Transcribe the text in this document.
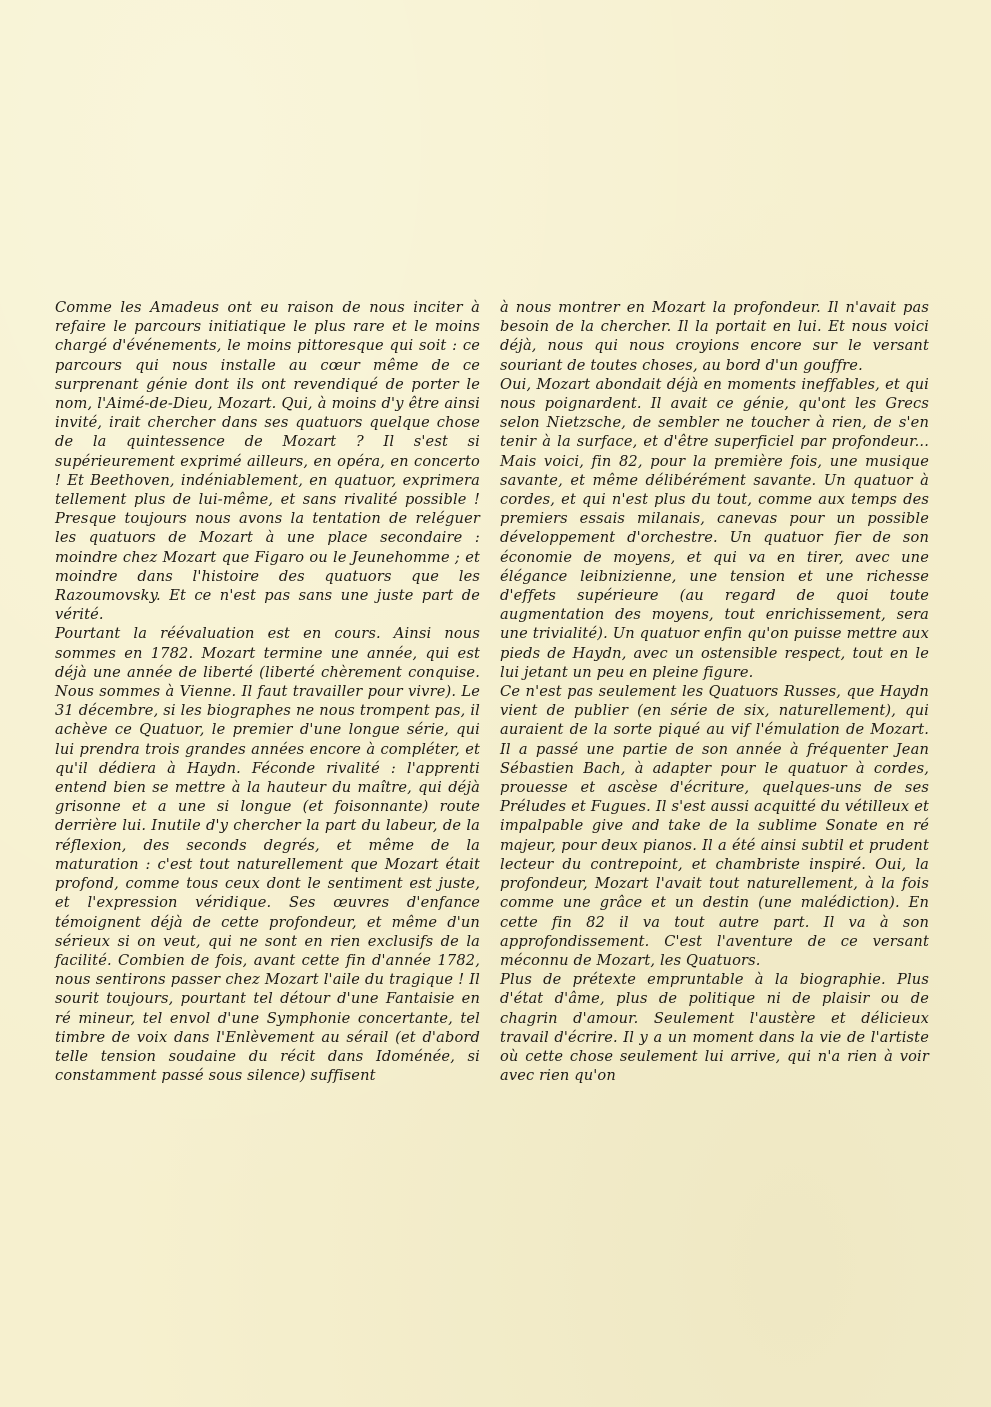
Comme les Amadeus ont eu raison de nous inciter à refaire le parcours initiatique le plus rare et le moins chargé d'événements, le moins pittoresque qui soit : ce parcours qui nous installe au cœur même de ce surprenant génie dont ils ont revendiqué de porter le nom, l'Aimé-de-Dieu, Mozart. Qui, à moins d'y être ainsi invité, irait chercher dans ses quatuors quelque chose de la quintessence de Mozart ? Il s'est si supérieurement exprimé ailleurs, en opéra, en concerto ! Et Beethoven, indéniablement, en quatuor, exprimera tellement plus de lui-même, et sans rivalité possible ! Presque toujours nous avons la tentation de reléguer les quatuors de Mozart à une place secondaire : moindre chez Mozart que Figaro ou le Jeunehomme ; et moindre dans l'histoire des quatuors que les Razoumovsky. Et ce n'est pas sans une juste part de vérité.

Pourtant la réévaluation est en cours. Ainsi nous sommes en 1782. Mozart termine une année, qui est déjà une année de liberté (liberté chèrement conquise. Nous sommes à Vienne. Il faut travailler pour vivre). Le 31 décembre, si les biographes ne nous trompent pas, il achève ce Quatuor, le premier d'une longue série, qui lui prendra trois grandes années encore à compléter, et qu'il dédiera à Haydn. Féconde rivalité : l'apprenti entend bien se mettre à la hauteur du maître, qui déjà grisonne et a une si longue (et foisonnante) route derrière lui. Inutile d'y chercher la part du labeur, de la réflexion, des seconds degrés, et même de la maturation : c'est tout naturellement que Mozart était profond, comme tous ceux dont le sentiment est juste, et l'expression véridique. Ses œuvres d'enfance témoignent déjà de cette profondeur, et même d'un sérieux si on veut, qui ne sont en rien exclusifs de la facilité. Combien de fois, avant cette fin d'année 1782, nous sentirons passer chez Mozart l'aile du tragique ! Il sourit toujours, pourtant tel détour d'une Fantaisie en ré mineur, tel envol d'une Symphonie concertante, tel timbre de voix dans l'Enlèvement au sérail (et d'abord telle tension soudaine du récit dans Idoménée, si constamment passé sous silence) suffisent

à nous montrer en Mozart la profondeur. Il n'avait pas besoin de la chercher. Il la portait en lui. Et nous voici déjà, nous qui nous croyions encore sur le versant souriant de toutes choses, au bord d'un gouffre.

Oui, Mozart abondait déjà en moments ineffables, et qui nous poignardent. Il avait ce génie, qu'ont les Grecs selon Nietzsche, de sembler ne toucher à rien, de s'en tenir à la surface, et d'être superficiel par profondeur... Mais voici, fin 82, pour la première fois, une musique savante, et même délibérément savante. Un quatuor à cordes, et qui n'est plus du tout, comme aux temps des premiers essais milanais, canevas pour un possible développement d'orchestre. Un quatuor fier de son économie de moyens, et qui va en tirer, avec une élégance leibnizienne, une tension et une richesse d'effets supérieure (au regard de quoi toute augmentation des moyens, tout enrichissement, sera une trivialité). Un quatuor enfin qu'on puisse mettre aux pieds de Haydn, avec un ostensible respect, tout en le lui jetant un peu en pleine figure.

Ce n'est pas seulement les Quatuors Russes, que Haydn vient de publier (en série de six, naturellement), qui auraient de la sorte piqué au vif l'émulation de Mozart. Il a passé une partie de son année à fréquenter Jean Sébastien Bach, à adapter pour le quatuor à cordes, prouesse et ascèse d'écriture, quelques-uns de ses Préludes et Fugues. Il s'est aussi acquitté du vétilleux et impalpable give and take de la sublime Sonate en ré majeur, pour deux pianos. Il a été ainsi subtil et prudent lecteur du contrepoint, et chambriste inspiré. Oui, la profondeur, Mozart l'avait tout naturellement, à la fois comme une grâce et un destin (une malédiction). En cette fin 82 il va tout autre part. Il va à son approfondissement. C'est l'aventure de ce versant méconnu de Mozart, les Quatuors.

Plus de prétexte empruntable à la biographie. Plus d'état d'âme, plus de politique ni de plaisir ou de chagrin d'amour. Seulement l'austère et délicieux travail d'écrire. Il y a un moment dans la vie de l'artiste où cette chose seulement lui arrive, qui n'a rien à voir avec rien qu'on
